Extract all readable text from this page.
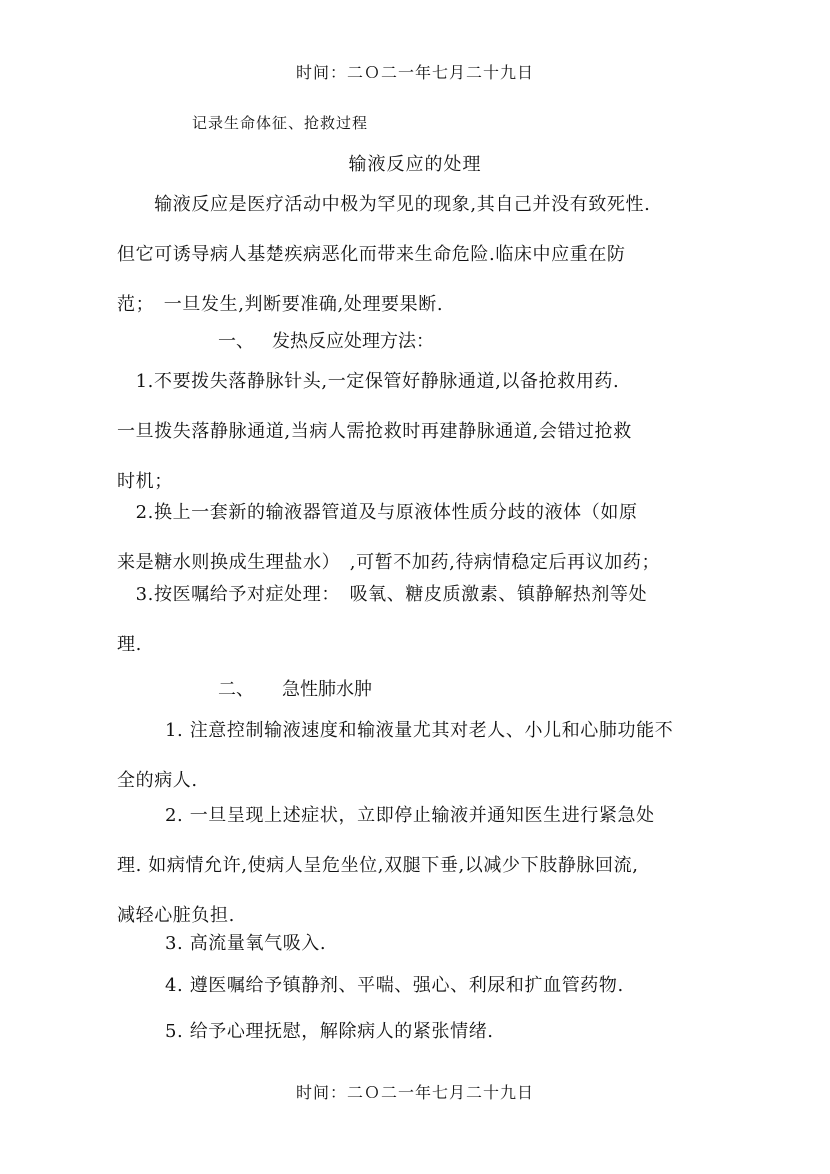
时间：二Ｏ二一年七月二十九日
记录生命体征、抢救过程
输液反应的处理
　　输液反应是医疗活动中极为罕见的现象,其自己并没有致死性.
但它可诱导病人基楚疾病恶化而带来生命危险.临床中应重在防
范；　一旦发生,判断要准确,处理要果断.
一、 发热反应处理方法：
　1.不要拨失落静脉针头,一定保管好静脉通道,以备抢救用药.
一旦拨失落静脉通道,当病人需抢救时再建静脉通道,会错过抢救
时机；
　2.换上一套新的输液器管道及与原液体性质分歧的液体（如原
来是糖水则换成生理盐水）　,可暂不加药,待病情稳定后再议加药；
　3.按医嘱给予对症处理：　吸氧、糖皮质激素、镇静解热剂等处
理.
二、 急性肺水肿
1. 注意控制输液速度和输液量尤其对老人、小儿和心肺功能不
全的病人.
2. 一旦呈现上述症状，立即停止输液并通知医生进行紧急处
理. 如病情允许,使病人呈危坐位,双腿下垂,以减少下肢静脉回流,
减轻心脏负担.
3. 高流量氧气吸入.
4. 遵医嘱给予镇静剂、平喘、强心、利尿和扩血管药物.
5. 给予心理抚慰，解除病人的紧张情绪.
时间：二Ｏ二一年七月二十九日
